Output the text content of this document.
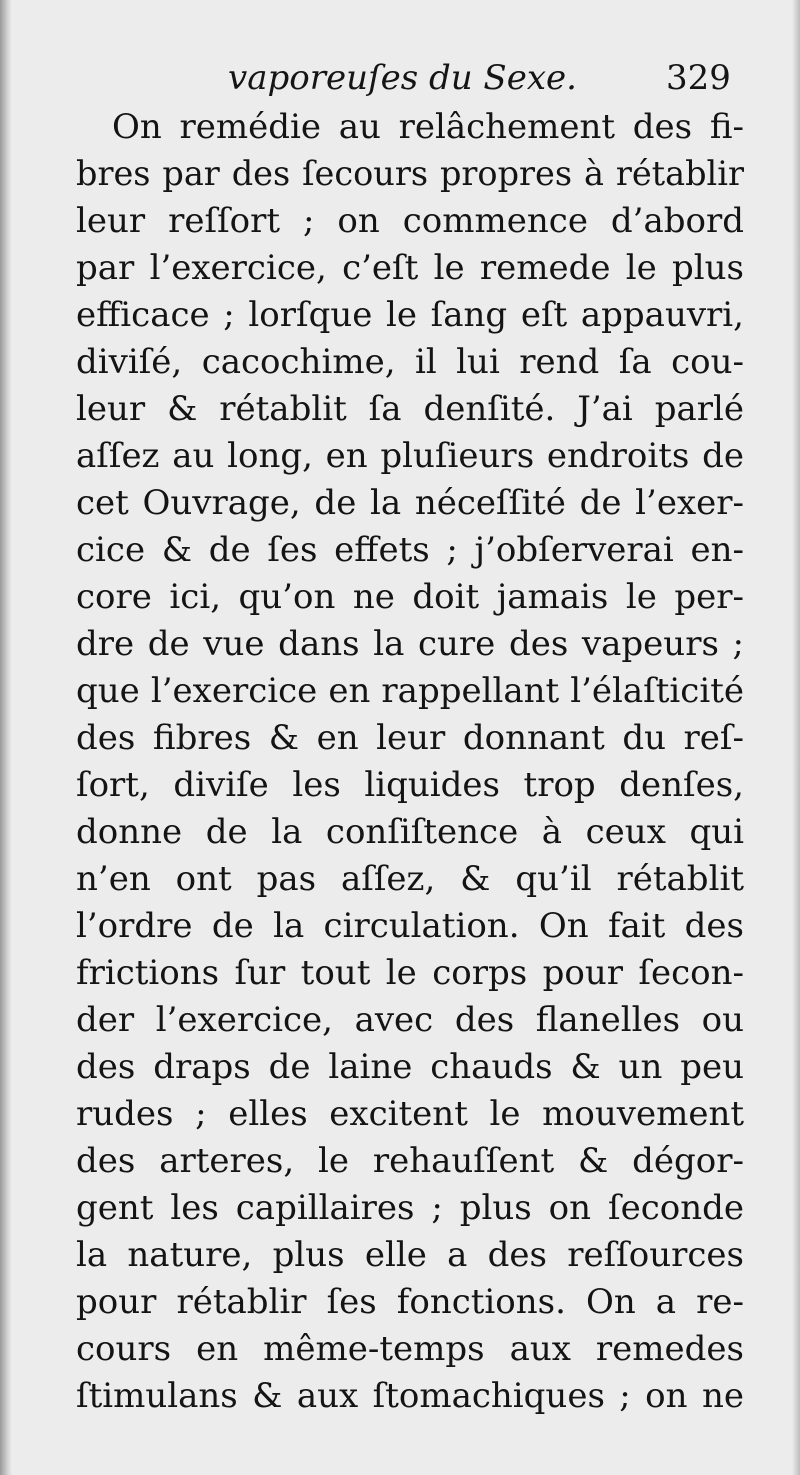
vaporeuſes du Sexe.	329
On remédie au relâchement des fi-
bres par des ſecours propres à rétablir
leur reſſort ; on commence d’abord
par l’exercice, c’eſt le remede le plus
efficace ; lorſque le ſang eſt appauvri,
diviſé, cacochime, il lui rend ſa cou-
leur & rétablit ſa denſité. J’ai parlé
aſſez au long, en pluſieurs endroits de
cet Ouvrage, de la néceſſité de l’exer-
cice & de ſes effets ; j’obſerverai en-
core ici, qu’on ne doit jamais le per-
dre de vue dans la cure des vapeurs ;
que l’exercice en rappellant l’élaſticité
des fibres & en leur donnant du reſ-
ſort, diviſe les liquides trop denſes,
donne de la conſiſtence à ceux qui
n’en ont pas aſſez, & qu’il rétablit
l’ordre de la circulation. On fait des
frictions ſur tout le corps pour ſecon-
der l’exercice, avec des flanelles ou
des draps de laine chauds & un peu
rudes ; elles excitent le mouvement
des arteres, le rehauſſent & dégor-
gent les capillaires ; plus on ſeconde
la nature, plus elle a des reſſources
pour rétablir ſes fonctions. On a re-
cours en même-temps aux remedes
ſtimulans & aux ſtomachiques ; on ne
